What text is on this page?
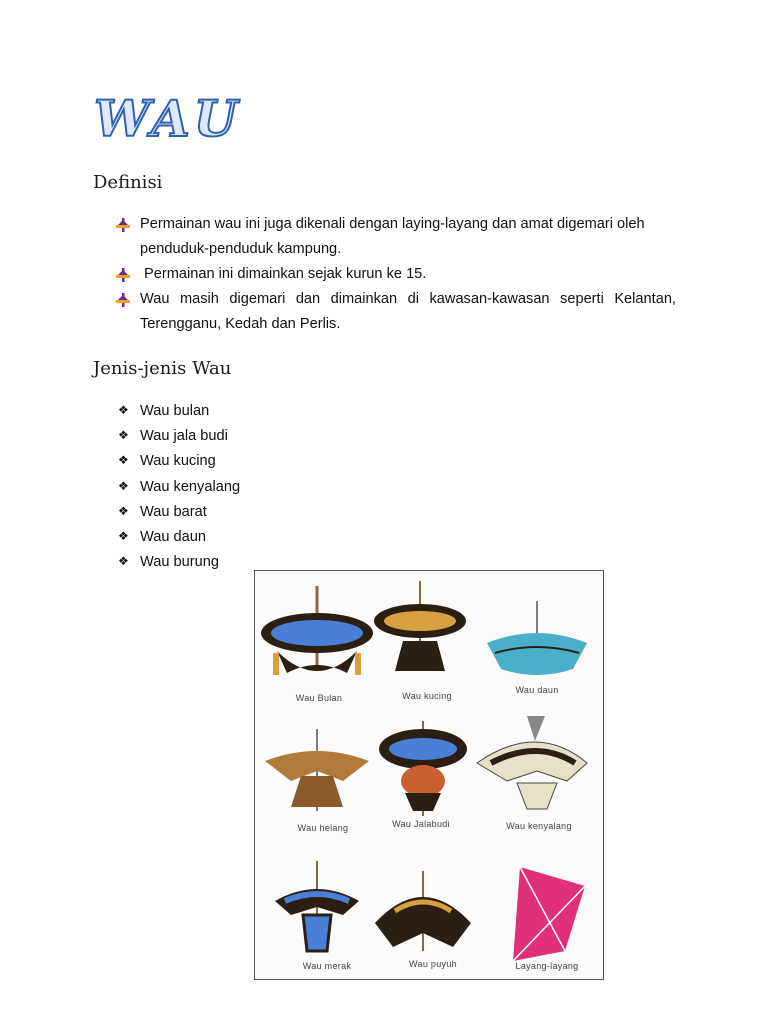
WAU
Definisi
Permainan wau ini juga dikenali dengan laying-layang dan amat digemari oleh
penduduk-penduduk kampung.
Permainan ini dimainkan sejak kurun ke 15.
Wau masih digemari dan dimainkan di kawasan-kawasan seperti Kelantan,
Terengganu, Kedah dan Perlis.
Jenis-jenis Wau
❖ Wau bulan
❖ Wau jala budi
❖ Wau kucing
❖ Wau kenyalang
❖ Wau barat
❖ Wau daun
❖ Wau burung
Wau Bulan	Wau kucing
Wau daun
Wau helang	Wau Jalabudi	Wau kenyalang
Wau merak	Wau puyuh	Layang-layang
